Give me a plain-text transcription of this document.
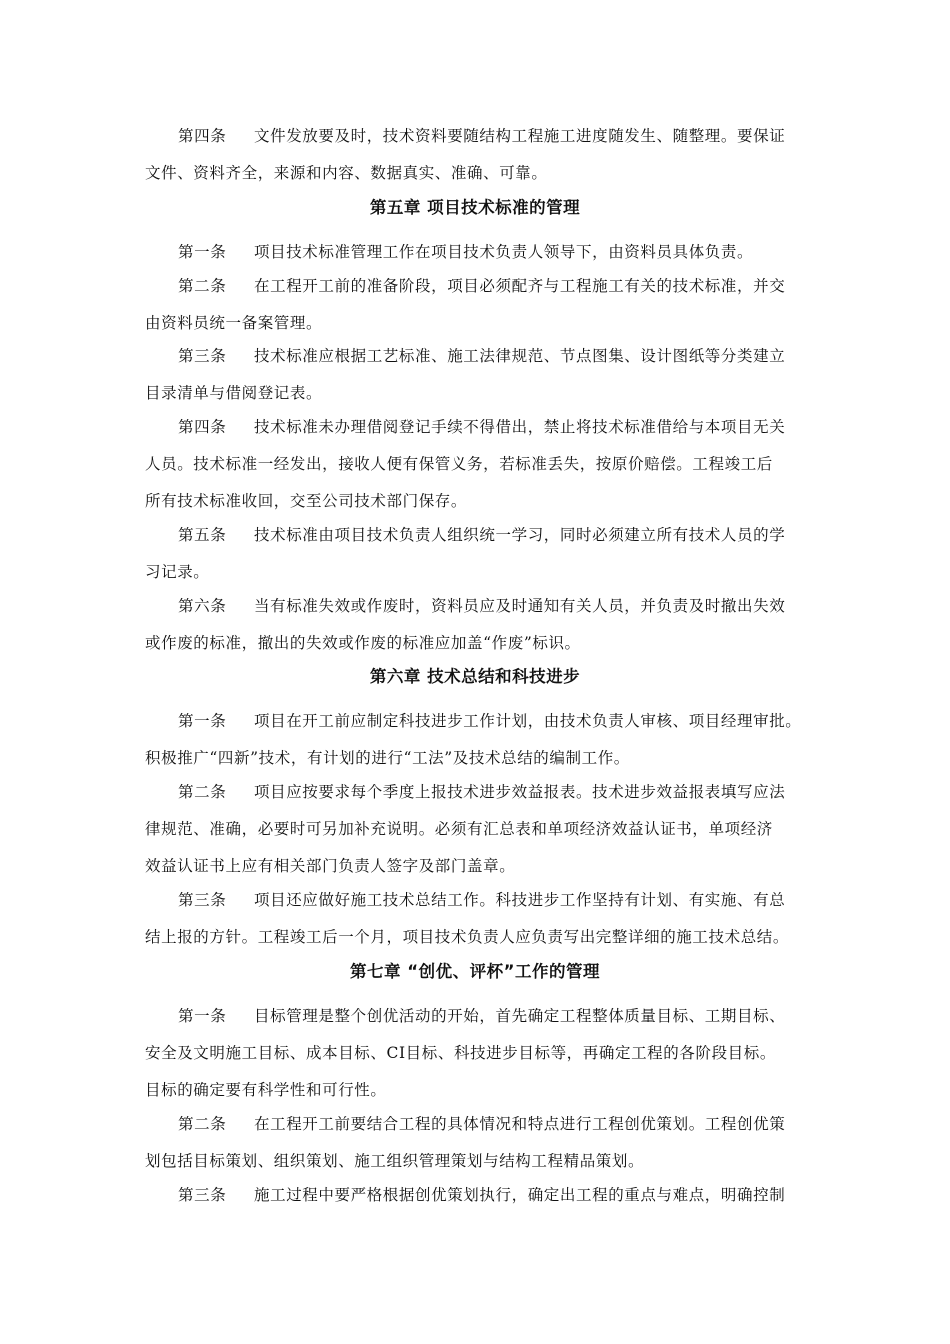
第四条 文件发放要及时，技术资料要随结构工程施工进度随发生、随整理。要保证
文件、资料齐全，来源和内容、数据真实、准确、可靠。
第五章 项目技术标准的管理
第一条 项目技术标准管理工作在项目技术负责人领导下，由资料员具体负责。
第二条 在工程开工前的准备阶段，项目必须配齐与工程施工有关的技术标准，并交
由资料员统一备案管理。
第三条 技术标准应根据工艺标准、施工法律规范、节点图集、设计图纸等分类建立
目录清单与借阅登记表。
第四条 技术标准未办理借阅登记手续不得借出，禁止将技术标准借给与本项目无关
人员。技术标准一经发出，接收人便有保管义务，若标准丢失，按原价赔偿。工程竣工后
所有技术标准收回，交至公司技术部门保存。
第五条 技术标准由项目技术负责人组织统一学习，同时必须建立所有技术人员的学
习记录。
第六条 当有标准失效或作废时，资料员应及时通知有关人员，并负责及时撤出失效
或作废的标准，撤出的失效或作废的标准应加盖“作废”标识。
第六章 技术总结和科技进步
第一条 项目在开工前应制定科技进步工作计划，由技术负责人审核、项目经理审批。
积极推广“四新”技术，有计划的进行“工法”及技术总结的编制工作。
第二条 项目应按要求每个季度上报技术进步效益报表。技术进步效益报表填写应法
律规范、准确，必要时可另加补充说明。必须有汇总表和单项经济效益认证书，单项经济
效益认证书上应有相关部门负责人签字及部门盖章。
第三条 项目还应做好施工技术总结工作。科技进步工作坚持有计划、有实施、有总
结上报的方针。工程竣工后一个月，项目技术负责人应负责写出完整详细的施工技术总结。
第七章 “创优、评杯”工作的管理
第一条 目标管理是整个创优活动的开始，首先确定工程整体质量目标、工期目标、
安全及文明施工目标、成本目标、CI目标、科技进步目标等，再确定工程的各阶段目标。
目标的确定要有科学性和可行性。
第二条 在工程开工前要结合工程的具体情况和特点进行工程创优策划。工程创优策
划包括目标策划、组织策划、施工组织管理策划与结构工程精品策划。
第三条 施工过程中要严格根据创优策划执行，确定出工程的重点与难点，明确控制
